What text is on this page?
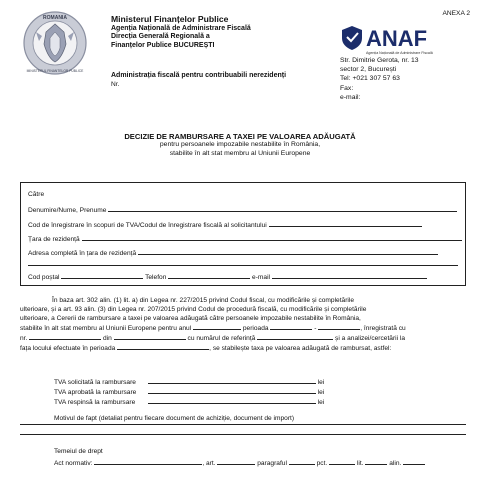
ANEXA 2
ROMANIA
MINISTERUL FINANTELOR PUBLICE
Ministerul Finanțelor Publice
Agenția Națională de Administrare Fiscală
Direcția Generală Regională a
Finanțelor Publice BUCUREȘTI
Administrația fiscală pentru contribuabili nerezidenți
Nr.
ANAF
Agenția Națională de Administrare Fiscală
Str. Dimitrie Gerota, nr. 13
sector 2, București
Tel: +021 307 57 63
Fax:
e-mail:
DECIZIE DE RAMBURSARE A TAXEI PE VALOAREA ADĂUGATĂ
pentru persoanele impozabile nestabilite în România,
stabilite în alt stat membru al Uniunii Europene
Către
Denumire/Nume, Prenume
Cod de înregistrare în scopuri de TVA/Codul de înregistrare fiscală al solicitantului
Țara de rezidență
Adresa completă în țara de rezidență
Cod poștal	Telefon	e-mail
În baza art. 302 alin. (1) lit. a) din Legea nr. 227/2015 privind Codul fiscal, cu modificările și completările
ulterioare, și a art. 93 alin. (3) din Legea nr. 207/2015 privind Codul de procedură fiscală, cu modificările și completările
ulterioare, a Cererii de rambursare a taxei pe valoarea adăugată către persoanele impozabile nestabilite în România,
stabilite în alt stat membru al Uniunii Europene pentru anul	perioada	-	, înregistrată cu
nr.	din	cu numărul de referință	și a analizei/cercetării la
fața locului efectuate în perioada	, se stabilește taxa pe valoarea adăugată de rambursat, astfel:
TVA solicitată la rambursare	lei
TVA aprobată la rambursare	lei
TVA respinsă la rambursare	lei
Motivul de fapt (detaliat pentru fiecare document de achiziție, document de import)
Temeiul de drept
Act normativ:	, art.	paragraful	pct.	lit.	alin.
